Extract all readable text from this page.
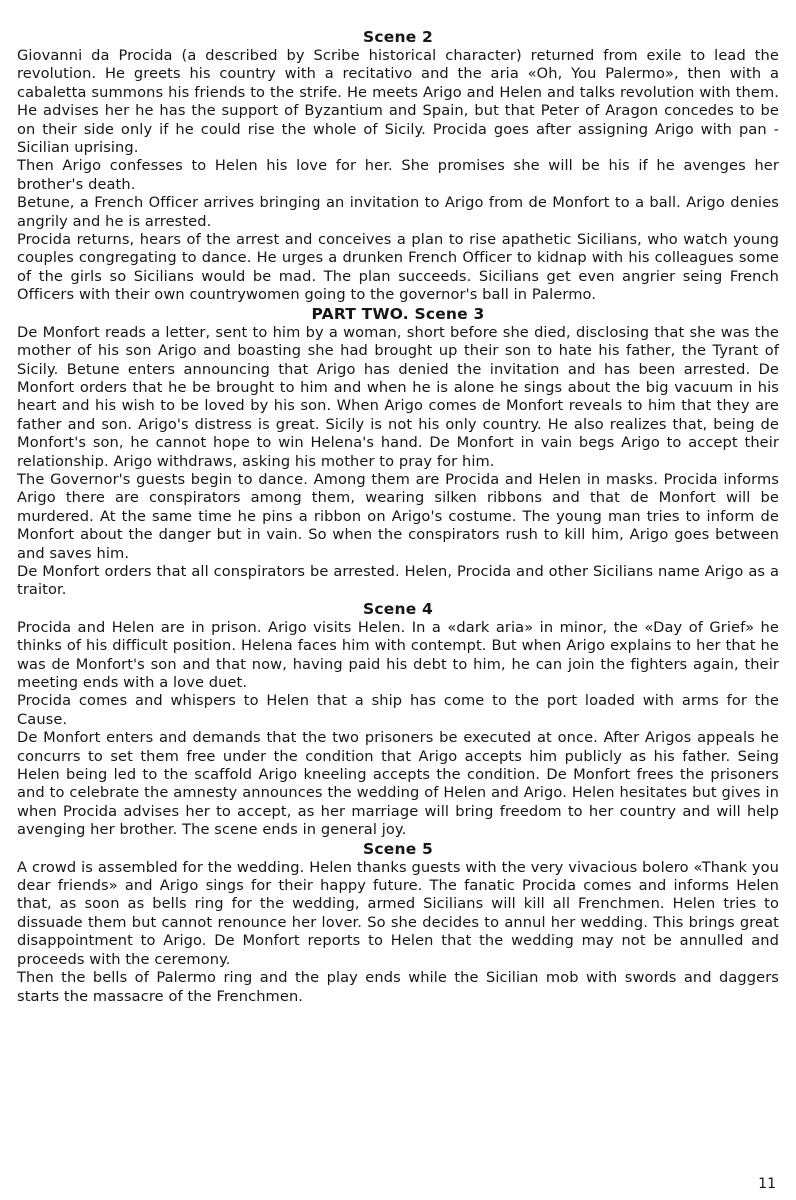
Scene 2

Giovanni da Procida (a described by Scribe historical character) returned from exile to lead the revolution. He greets his country with a recitativo and the aria «Oh, You Palermo», then with a cabaletta summons his friends to the strife. He meets Arigo and Helen and talks revolution with them. He advises her he has the support of Byzantium and Spain, but that Peter of Aragon concedes to be on their side only if he could rise the whole of Sicily. Procida goes after assigning Arigo with pan - Sicilian uprising.

Then Arigo confesses to Helen his love for her. She promises she will be his if he avenges her brother's death.

Betune, a French Officer arrives bringing an invitation to Arigo from de Monfort to a ball. Arigo denies angrily and he is arrested.

Procida returns, hears of the arrest and conceives a plan to rise apathetic Sicilians, who watch young couples congregating to dance. He urges a drunken French Officer to kidnap with his colleagues some of the girls so Sicilians would be mad. The plan succeeds. Sicilians get even angrier seing French Officers with their own countrywomen going to the governor's ball in Palermo.

PART TWO. Scene 3

De Monfort reads a letter, sent to him by a woman, short before she died, disclosing that she was the mother of his son Arigo and boasting she had brought up their son to hate his father, the Tyrant of Sicily. Betune enters announcing that Arigo has denied the invitation and has been arrested. De Monfort orders that he be brought to him and when he is alone he sings about the big vacuum in his heart and his wish to be loved by his son. When Arigo comes de Monfort reveals to him that they are father and son. Arigo's distress is great. Sicily is not his only country. He also realizes that, being de Monfort's son, he cannot hope to win Helena's hand. De Monfort in vain begs Arigo to accept their relationship. Arigo withdraws, asking his mother to pray for him.

The Governor's guests begin to dance. Among them are Procida and Helen in masks. Procida informs Arigo there are conspirators among them, wearing silken ribbons and that de Monfort will be murdered. At the same time he pins a ribbon on Arigo's costume. The young man tries to inform de Monfort about the danger but in vain. So when the conspirators rush to kill him, Arigo goes between and saves him.

De Monfort orders that all conspirators be arrested. Helen, Procida and other Sicilians name Arigo as a traitor.

Scene 4

Procida and Helen are in prison. Arigo visits Helen. In a «dark aria» in minor, the «Day of Grief» he thinks of his difficult position. Helena faces him with contempt. But when Arigo explains to her that he was de Monfort's son and that now, having paid his debt to him, he can join the fighters again, their meeting ends with a love duet.

Procida comes and whispers to Helen that a ship has come to the port loaded with arms for the Cause.

De Monfort enters and demands that the two prisoners be executed at once. After Arigos appeals he concurrs to set them free under the condition that Arigo accepts him publicly as his father. Seing Helen being led to the scaffold Arigo kneeling accepts the condition. De Monfort frees the prisoners and to celebrate the amnesty announces the wedding of Helen and Arigo. Helen hesitates but gives in when Procida advises her to accept, as her marriage will bring freedom to her country and will help avenging her brother. The scene ends in general joy.

Scene 5

A crowd is assembled for the wedding. Helen thanks guests with the very vivacious bolero «Thank you dear friends» and Arigo sings for their happy future. The fanatic Procida comes and informs Helen that, as soon as bells ring for the wedding, armed Sicilians will kill all Frenchmen. Helen tries to dissuade them but cannot renounce her lover. So she decides to annul her wedding. This brings great disappointment to Arigo. De Monfort reports to Helen that the wedding may not be annulled and proceeds with the ceremony.

Then the bells of Palermo ring and the play ends while the Sicilian mob with swords and daggers starts the massacre of the Frenchmen.

11
